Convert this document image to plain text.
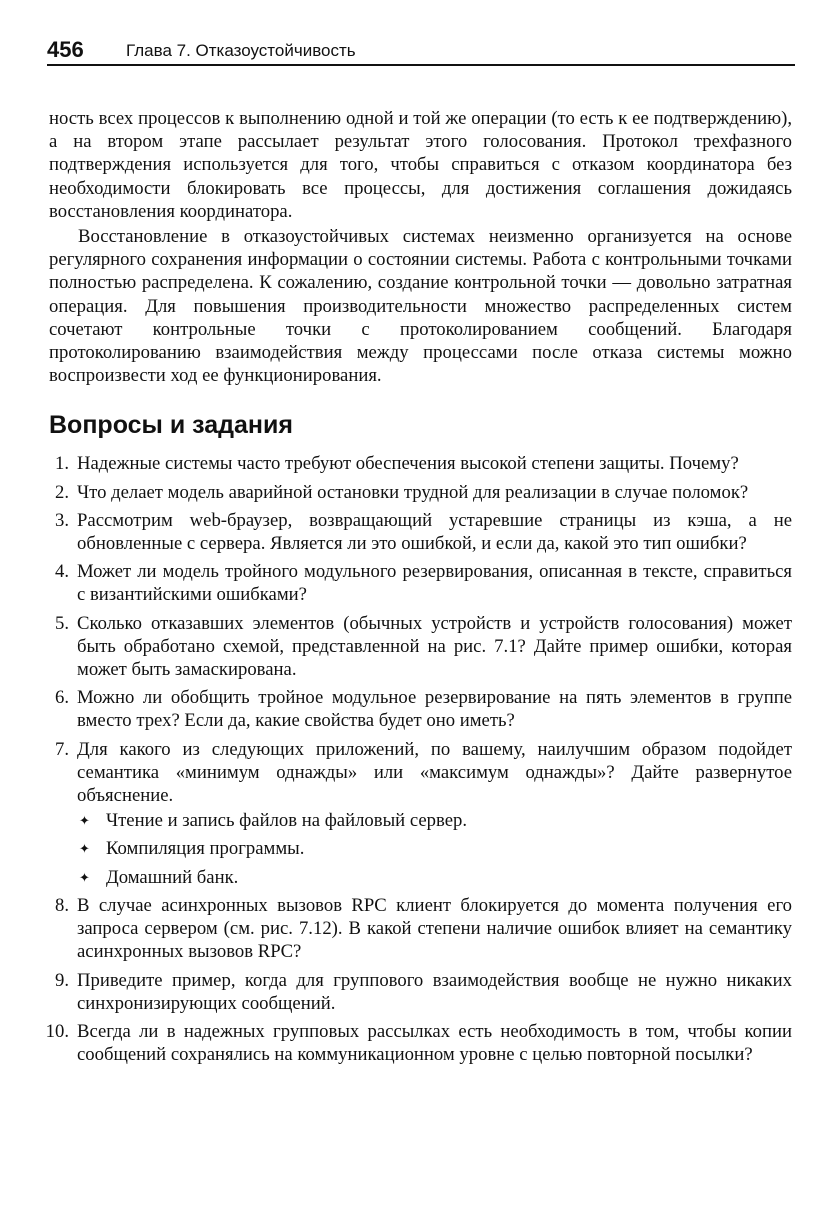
456 Глава 7. Отказоустойчивость

ность всех процессов к выполнению одной и той же операции (то есть к ее подтверждению), а на втором этапе рассылает результат этого голосования. Протокол трехфазного подтверждения используется для того, чтобы справиться с отказом координатора без необходимости блокировать все процессы, для достижения соглашения дожидаясь восстановления координатора.

Восстановление в отказоустойчивых системах неизменно организуется на основе регулярного сохранения информации о состоянии системы. Работа с контрольными точками полностью распределена. К сожалению, создание контрольной точки — довольно затратная операция. Для повышения производительности множество распределенных систем сочетают контрольные точки с протоколированием сообщений. Благодаря протоколированию взаимодействия между процессами после отказа системы можно воспроизвести ход ее функционирования.

Вопросы и задания
1. Надежные системы часто требуют обеспечения высокой степени защиты. Почему?
2. Что делает модель аварийной остановки трудной для реализации в случае поломок?
3. Рассмотрим web-браузер, возвращающий устаревшие страницы из кэша, а не обновленные с сервера. Является ли это ошибкой, и если да, какой это тип ошибки?
4. Может ли модель тройного модульного резервирования, описанная в тексте, справиться с византийскими ошибками?
5. Сколько отказавших элементов (обычных устройств и устройств голосования) может быть обработано схемой, представленной на рис. 7.1? Дайте пример ошибки, которая может быть замаскирована.
6. Можно ли обобщить тройное модульное резервирование на пять элементов в группе вместо трех? Если да, какие свойства будет оно иметь?
7. Для какого из следующих приложений, по вашему, наилучшим образом подойдет семантика «минимум однажды» или «максимум однажды»? Дайте развернутое объяснение.
✦ Чтение и запись файлов на файловый сервер.
✦ Компиляция программы.
✦ Домашний банк.
8. В случае асинхронных вызовов RPC клиент блокируется до момента получения его запроса сервером (см. рис. 7.12). В какой степени наличие ошибок влияет на семантику асинхронных вызовов RPC?
9. Приведите пример, когда для группового взаимодействия вообще не нужно никаких синхронизирующих сообщений.
10. Всегда ли в надежных групповых рассылках есть необходимость в том, чтобы копии сообщений сохранялись на коммуникационном уровне с целью повторной посылки?
